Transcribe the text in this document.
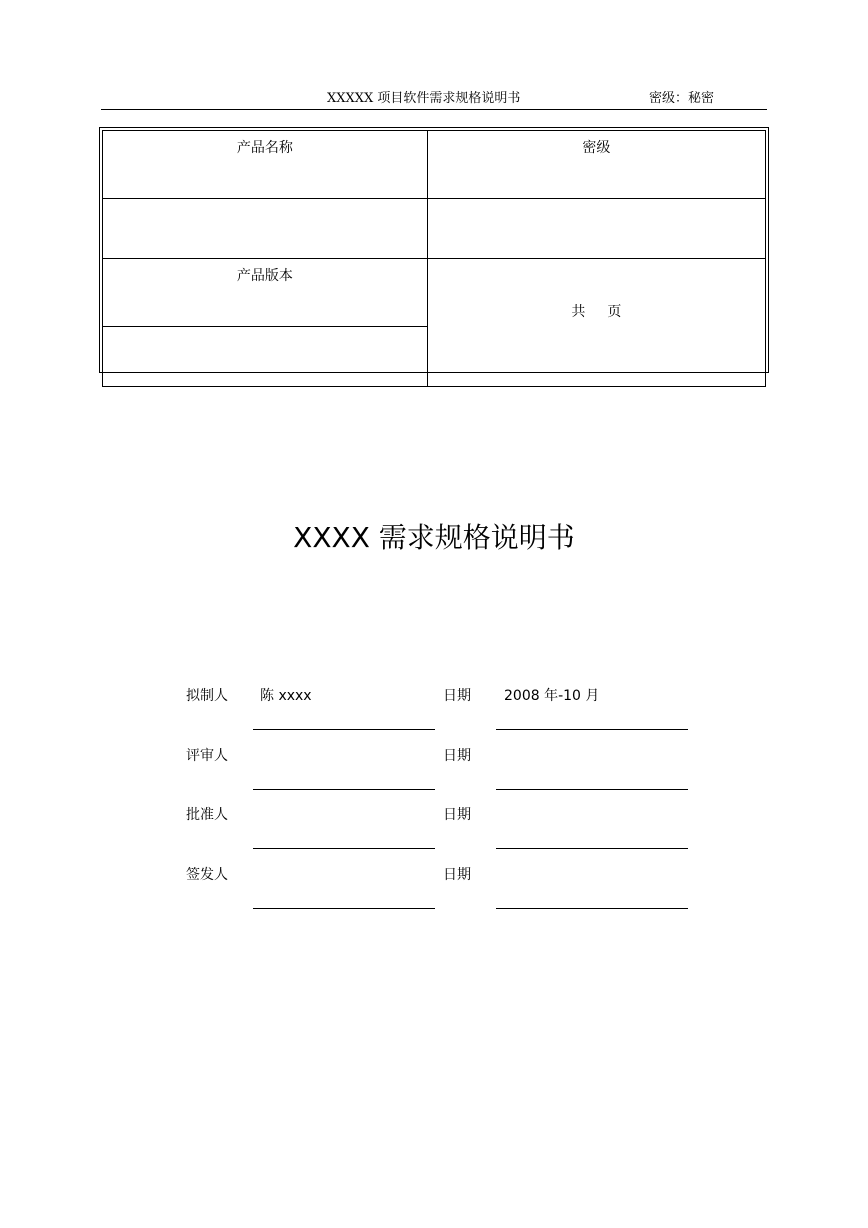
XXXXX 项目软件需求规格说明书	密级：秘密
产品名称	密级

产品版本	共 页

XXXX 需求规格说明书
拟制人 陈 xxxx	日期 2008 年-10 月
评审人	日期
批准人	日期
签发人	日期
